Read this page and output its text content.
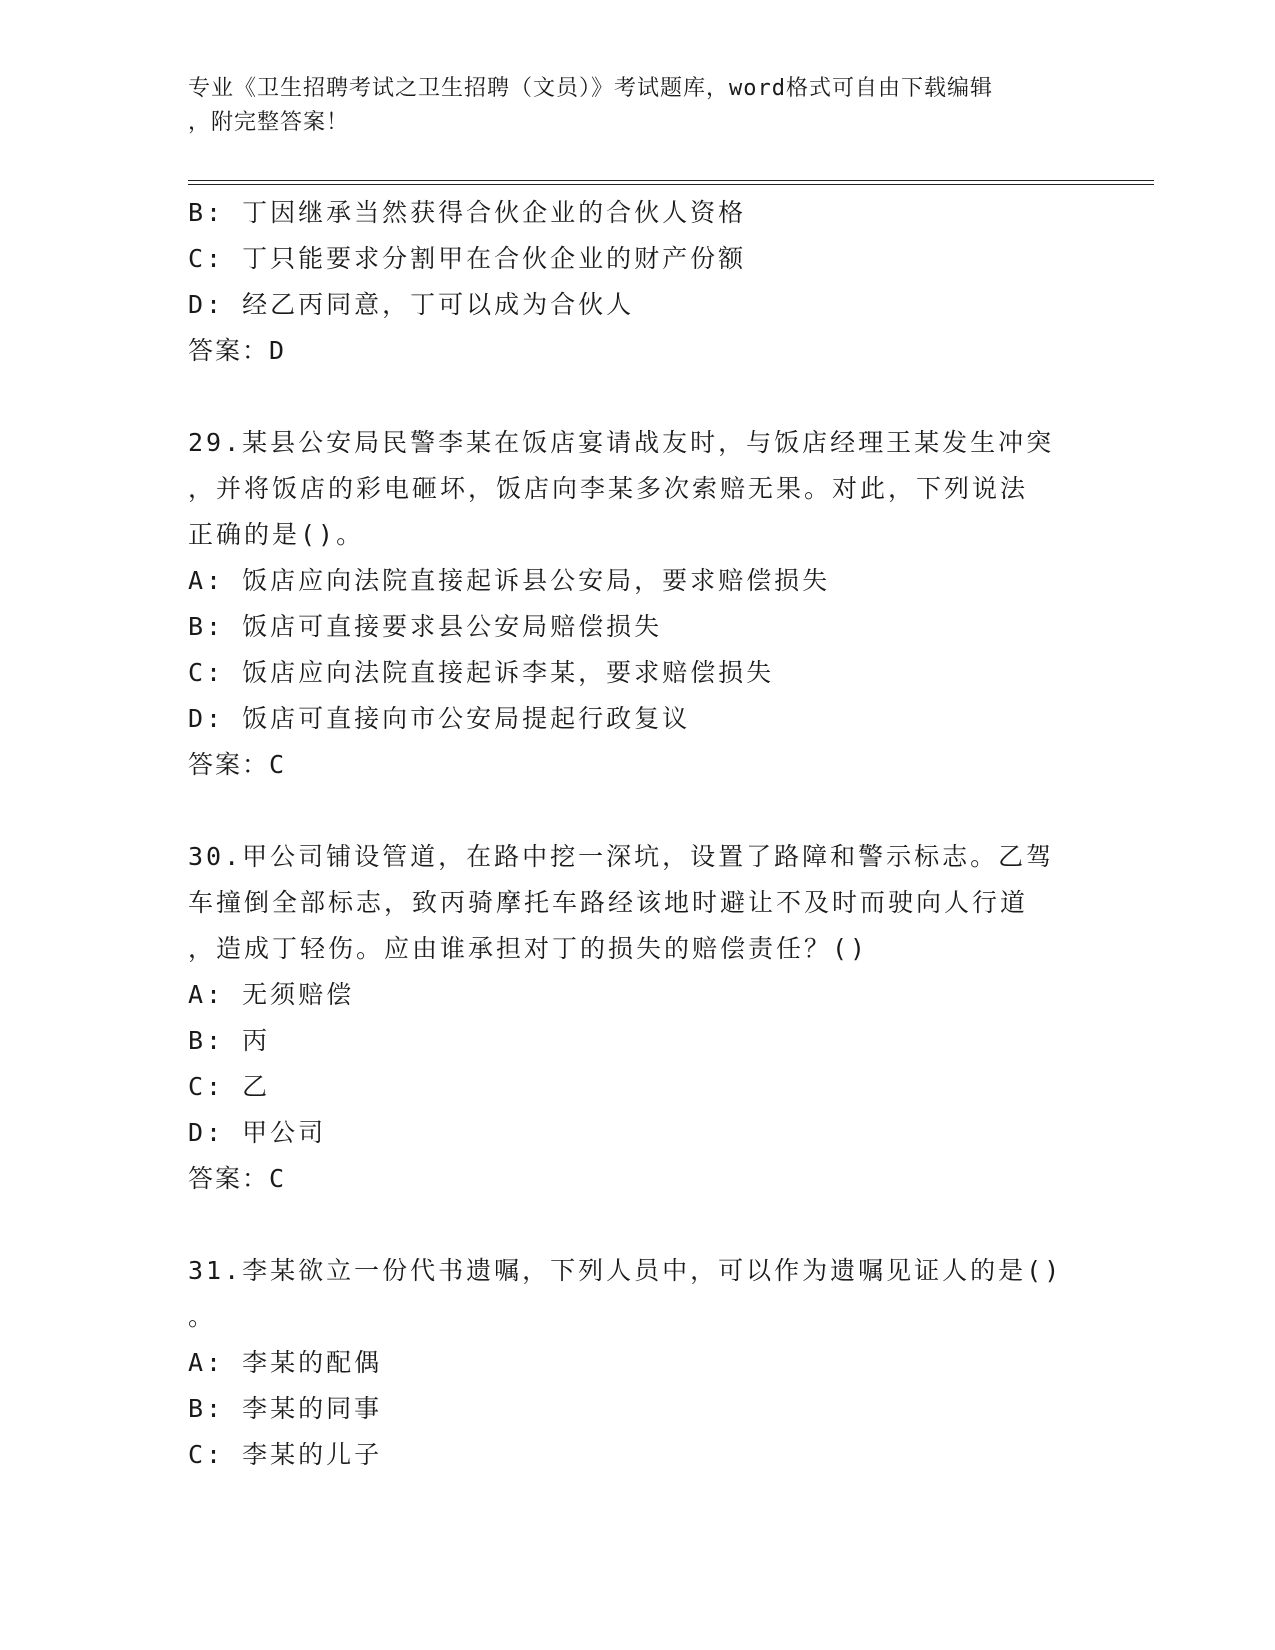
专业《卫生招聘考试之卫生招聘（文员）》考试题库，word格式可自由下载编辑
，附完整答案！
B: 丁因继承当然获得合伙企业的合伙人资格
C: 丁只能要求分割甲在合伙企业的财产份额
D: 经乙丙同意，丁可以成为合伙人
答案：D
29.某县公安局民警李某在饭店宴请战友时，与饭店经理王某发生冲突
，并将饭店的彩电砸坏，饭店向李某多次索赔无果。对此，下列说法
正确的是()。
A: 饭店应向法院直接起诉县公安局，要求赔偿损失
B: 饭店可直接要求县公安局赔偿损失
C: 饭店应向法院直接起诉李某，要求赔偿损失
D: 饭店可直接向市公安局提起行政复议
答案：C
30.甲公司铺设管道，在路中挖一深坑，设置了路障和警示标志。乙驾
车撞倒全部标志，致丙骑摩托车路经该地时避让不及时而驶向人行道
，造成丁轻伤。应由谁承担对丁的损失的赔偿责任？()
A: 无须赔偿
B: 丙
C: 乙
D: 甲公司
答案：C
31.李某欲立一份代书遗嘱，下列人员中，可以作为遗嘱见证人的是()
。
A: 李某的配偶
B: 李某的同事
C: 李某的儿子
